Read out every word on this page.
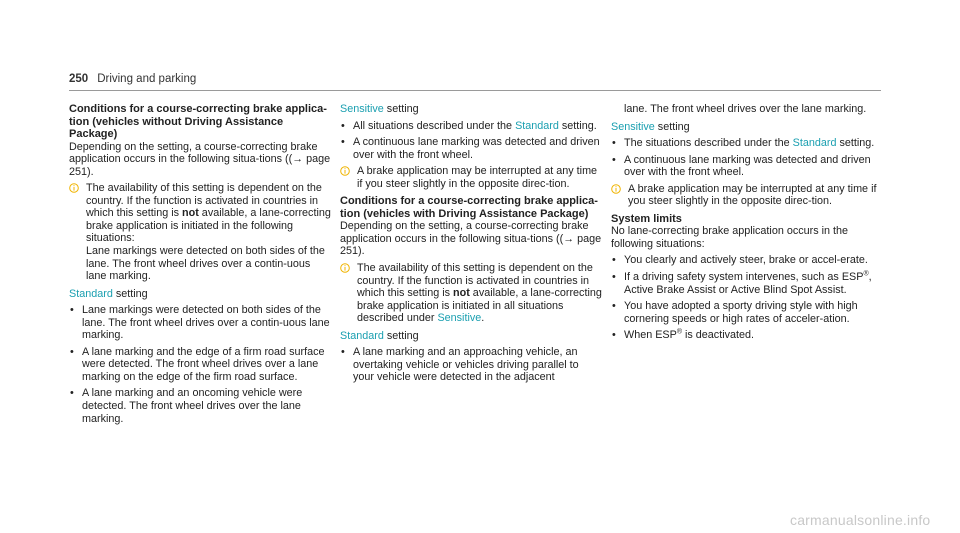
250 Driving and parking
Conditions for a course-correcting brake applica-tion (vehicles without Driving Assistance Package)
Depending on the setting, a course-correcting brake application occurs in the following situa-tions ((→ page 251).
The availability of this setting is dependent on the country. If the function is activated in countries in which this setting is not available, a lane-correcting brake application is initiated in the following situations:
Lane markings were detected on both sides of the lane. The front wheel drives over a contin-uous lane marking.
Standard setting
• Lane markings were detected on both sides of the lane. The front wheel drives over a contin-uous lane marking.
• A lane marking and the edge of a firm road surface were detected. The front wheel drives over a lane marking on the edge of the firm road surface.
• A lane marking and an oncoming vehicle were detected. The front wheel drives over the lane marking.
Sensitive setting
• All situations described under the Standard setting.
• A continuous lane marking was detected and driven over with the front wheel.
A brake application may be interrupted at any time if you steer slightly in the opposite direc-tion.
Conditions for a course-correcting brake applica-tion (vehicles with Driving Assistance Package)
Depending on the setting, a course-correcting brake application occurs in the following situa-tions ((→ page 251).
The availability of this setting is dependent on the country. If the function is activated in countries in which this setting is not available, a lane-correcting brake application is initiated in all situations described under Sensitive.
Standard setting
• A lane marking and an approaching vehicle, an overtaking vehicle or vehicles driving parallel to your vehicle were detected in the adjacent
lane. The front wheel drives over the lane marking.
Sensitive setting
• The situations described under the Standard setting.
• A continuous lane marking was detected and driven over with the front wheel.
A brake application may be interrupted at any time if you steer slightly in the opposite direc-tion.
System limits
No lane-correcting brake application occurs in the following situations:
• You clearly and actively steer, brake or accel-erate.
• If a driving safety system intervenes, such as ESP®, Active Brake Assist or Active Blind Spot Assist.
• You have adopted a sporty driving style with high cornering speeds or high rates of acceler-ation.
• When ESP® is deactivated.
carmanualsonline.info
